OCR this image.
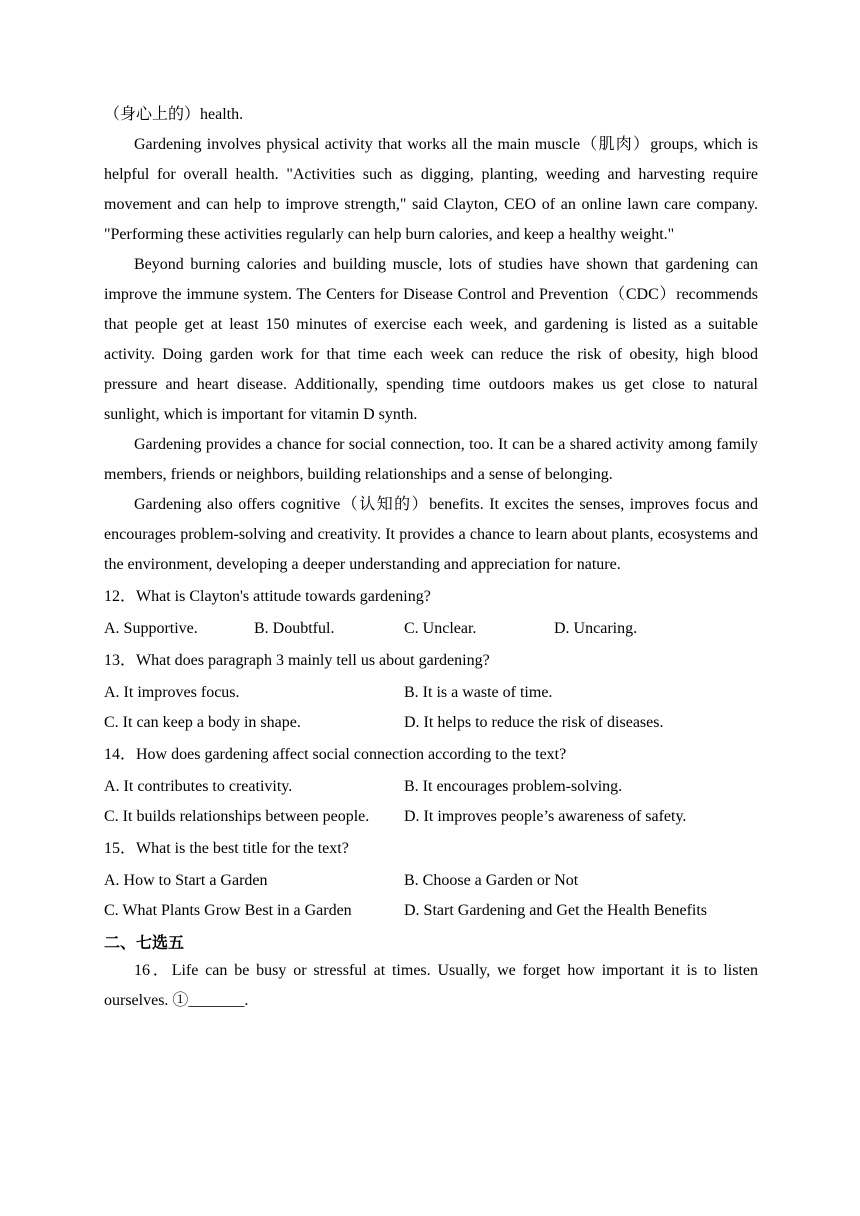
（身心上的）health.

Gardening involves physical activity that works all the main muscle（肌肉）groups, which is helpful for overall health. "Activities such as digging, planting, weeding and harvesting require movement and can help to improve strength," said Clayton, CEO of an online lawn care company. "Performing these activities regularly can help burn calories, and keep a healthy weight."

Beyond burning calories and building muscle, lots of studies have shown that gardening can improve the immune system. The Centers for Disease Control and Prevention（CDC）recommends that people get at least 150 minutes of exercise each week, and gardening is listed as a suitable activity. Doing garden work for that time each week can reduce the risk of obesity, high blood pressure and heart disease. Additionally, spending time outdoors makes us get close to natural sunlight, which is important for vitamin D synth.

Gardening provides a chance for social connection, too. It can be a shared activity among family members, friends or neighbors, building relationships and a sense of belonging.

Gardening also offers cognitive（认知的）benefits. It excites the senses, improves focus and encourages problem-solving and creativity. It provides a chance to learn about plants, ecosystems and the environment, developing a deeper understanding and appreciation for nature.

12．What is Clayton's attitude towards gardening?

A. Supportive.	B. Doubtful.	C. Unclear.	D. Uncaring.

13．What does paragraph 3 mainly tell us about gardening?

A. It improves focus.	B. It is a waste of time.
C. It can keep a body in shape.	D. It helps to reduce the risk of diseases.

14．How does gardening affect social connection according to the text?

A. It contributes to creativity.	B. It encourages problem-solving.
C. It builds relationships between people.	D. It improves people’s awareness of safety.

15．What is the best title for the text?

A. How to Start a Garden	B. Choose a Garden or Not
C. What Plants Grow Best in a Garden	D. Start Gardening and Get the Health Benefits

二、七选五

16．Life can be busy or stressful at times. Usually, we forget how important it is to listen ourselves. ①_______.
